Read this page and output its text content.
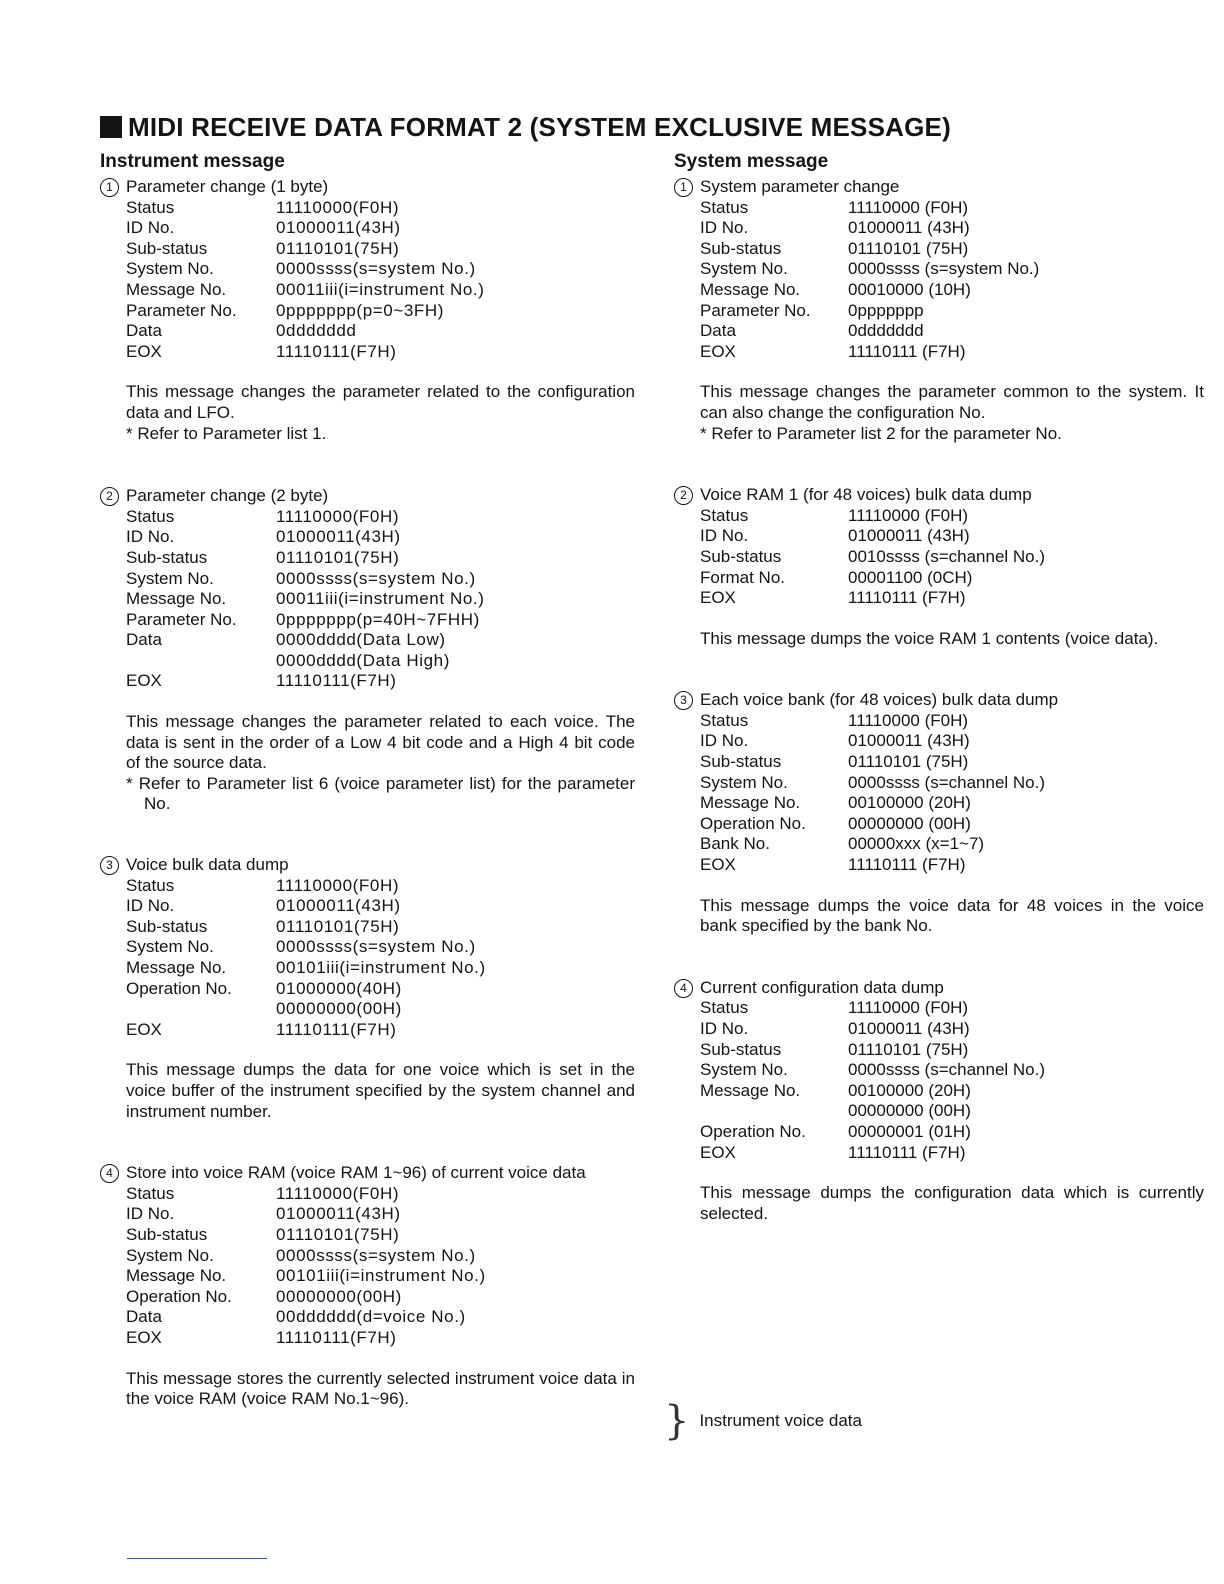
MIDI RECEIVE DATA FORMAT 2 (SYSTEM EXCLUSIVE MESSAGE)
Instrument message
1 Parameter change (1 byte)
Status	11110000(F0H)
ID No.	01000011(43H)
Sub-status	01110101(75H)
System No.	0000ssss(s=system No.)
Message No.	00011iii(i=instrument No.)
Parameter No. 0ppppppp(p=0~3FH)
Data	0ddddddd
EOX	11110111(F7H)

This message changes the parameter related to the configuration data and LFO.

* Refer to Parameter list 1.

2 Parameter change (2 byte)
Status	11110000(F0H)
ID No.	01000011(43H)
Sub-status	01110101(75H)
System No.	0000ssss(s=system No.)
Message No.	00011iii(i=instrument No.)
Parameter No. 0ppppppp(p=40H~7FHH)
Data	0000dddd(Data Low)
0000dddd(Data High)
EOX	11110111(F7H)

This message changes the parameter related to each voice. The data is sent in the order of a Low 4 bit code and a High 4 bit code of the source data.

* Refer to Parameter list 6 (voice parameter list) for the parameter No.

3 Voice bulk data dump
Status	11110000(F0H)
ID No.	01000011(43H)
Sub-status	01110101(75H)
System No.	0000ssss(s=system No.)
Message No.	00101iii(i=instrument No.)
Operation No.	01000000(40H)
00000000(00H)
EOX	11110111(F7H)

This message dumps the data for one voice which is set in the voice buffer of the instrument specified by the system channel and instrument number.

4 Store into voice RAM (voice RAM 1~96) of current voice data
Status	11110000(F0H)
ID No.	01000011(43H)
Sub-status	01110101(75H)
System No.	0000ssss(s=system No.)
Message No.	00101iii(i=instrument No.)
Operation No.	00000000(00H)
Data	00dddddd(d=voice No.)
EOX	11110111(F7H)

This message stores the currently selected instrument voice data in the voice RAM (voice RAM No.1~96).

System message
1 System parameter change
Status	11110000 (F0H)
ID No.	01000011 (43H)
Sub-status	01110101 (75H)
System No.	0000ssss (s=system No.)
Message No.	00010000 (10H)
Parameter No. 0ppppppp
Data	0ddddddd
EOX	11110111 (F7H)

This message changes the parameter common to the system. It can also change the configuration No.

* Refer to Parameter list 2 for the parameter No.

2 Voice RAM 1 (for 48 voices) bulk data dump
Status	11110000 (F0H)
ID No.	01000011 (43H)
Sub-status	0010ssss (s=channel No.)
Format No.	00001100 (0CH)
EOX	11110111 (F7H)

This message dumps the voice RAM 1 contents (voice data).

3 Each voice bank (for 48 voices) bulk data dump
Status	11110000 (F0H)
ID No.	01000011 (43H)
Sub-status	01110101 (75H)
System No.	0000ssss (s=channel No.)
Message No.	00100000 (20H)
Operation No. 00000000 (00H)
Bank No.	00000xxx (x=1~7)
EOX	11110111 (F7H)

This message dumps the voice data for 48 voices in the voice bank specified by the bank No.

4 Current configuration data dump
Status	11110000 (F0H)
ID No.	01000011 (43H)
Sub-status	01110101 (75H)
System No.	0000ssss (s=channel No.)
Message No.	00100000 (20H)
00000000 (00H)
Operation No. 00000001 (01H)
EOX	11110111 (F7H)

This message dumps the configuration data which is currently selected.

} Instrument voice data
